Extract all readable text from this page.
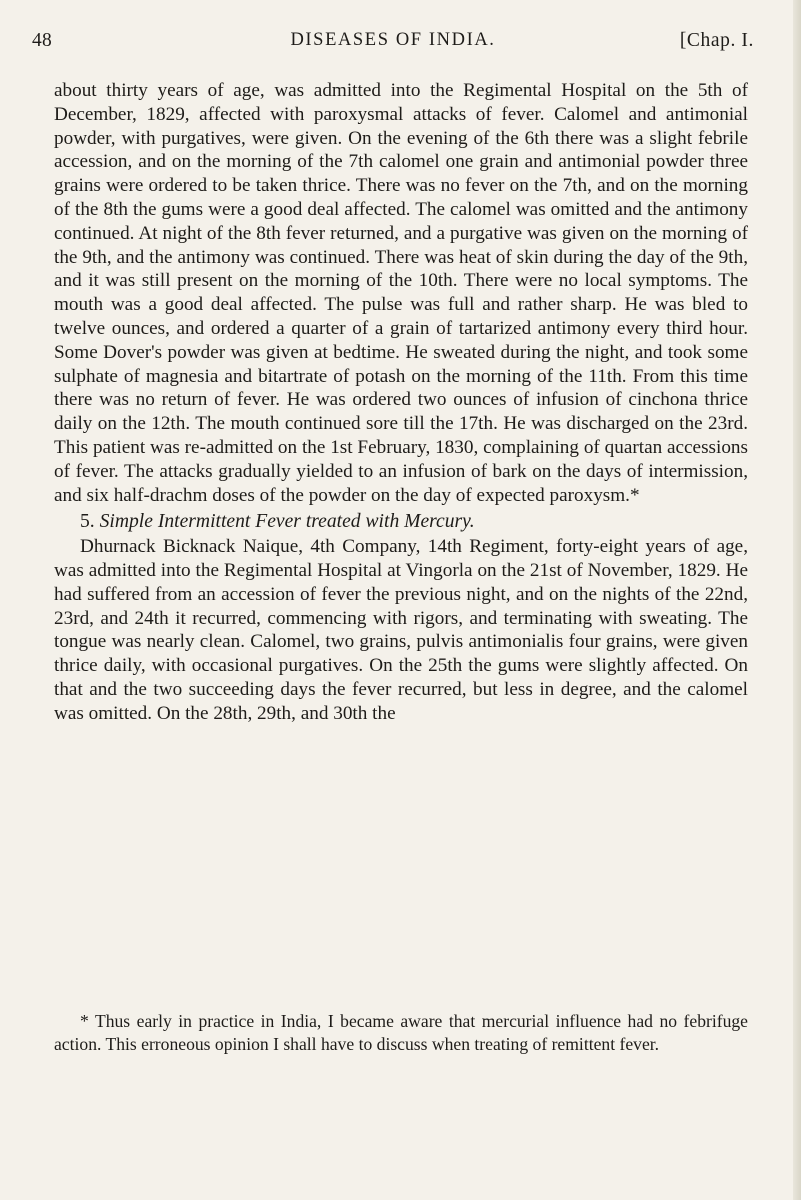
48	DISEASES OF INDIA.	[Chap. I.

about thirty years of age, was admitted into the Regimental Hospital on the 5th of December, 1829, affected with paroxysmal attacks of fever. Calomel and antimonial powder, with purgatives, were given. On the evening of the 6th there was a slight febrile accession, and on the morning of the 7th calomel one grain and antimonial powder three grains were ordered to be taken thrice. There was no fever on the 7th, and on the morning of the 8th the gums were a good deal affected. The calomel was omitted and the antimony continued. At night of the 8th fever returned, and a purgative was given on the morning of the 9th, and the antimony was continued. There was heat of skin during the day of the 9th, and it was still present on the morning of the 10th. There were no local symptoms. The mouth was a good deal affected. The pulse was full and rather sharp. He was bled to twelve ounces, and ordered a quarter of a grain of tartarized antimony every third hour. Some Dover's powder was given at bedtime. He sweated during the night, and took some sulphate of magnesia and bitartrate of potash on the morning of the 11th. From this time there was no return of fever. He was ordered two ounces of infusion of cinchona thrice daily on the 12th. The mouth continued sore till the 17th. He was discharged on the 23rd. This patient was re-admitted on the 1st February, 1830, complaining of quartan accessions of fever. The attacks gradually yielded to an infusion of bark on the days of intermission, and six half-drachm doses of the powder on the day of expected paroxysm.*

5. Simple Intermittent Fever treated with Mercury.

Dhurnack Bicknack Naique, 4th Company, 14th Regiment, forty-eight years of age, was admitted into the Regimental Hospital at Vingorla on the 21st of November, 1829. He had suffered from an accession of fever the previous night, and on the nights of the 22nd, 23rd, and 24th it recurred, commencing with rigors, and terminating with sweating. The tongue was nearly clean. Calomel, two grains, pulvis antimonialis four grains, were given thrice daily, with occasional purgatives. On the 25th the gums were slightly affected. On that and the two succeeding days the fever recurred, but less in degree, and the calomel was omitted. On the 28th, 29th, and 30th the

* Thus early in practice in India, I became aware that mercurial influence had no febrifuge action. This erroneous opinion I shall have to discuss when treating of remittent fever.
